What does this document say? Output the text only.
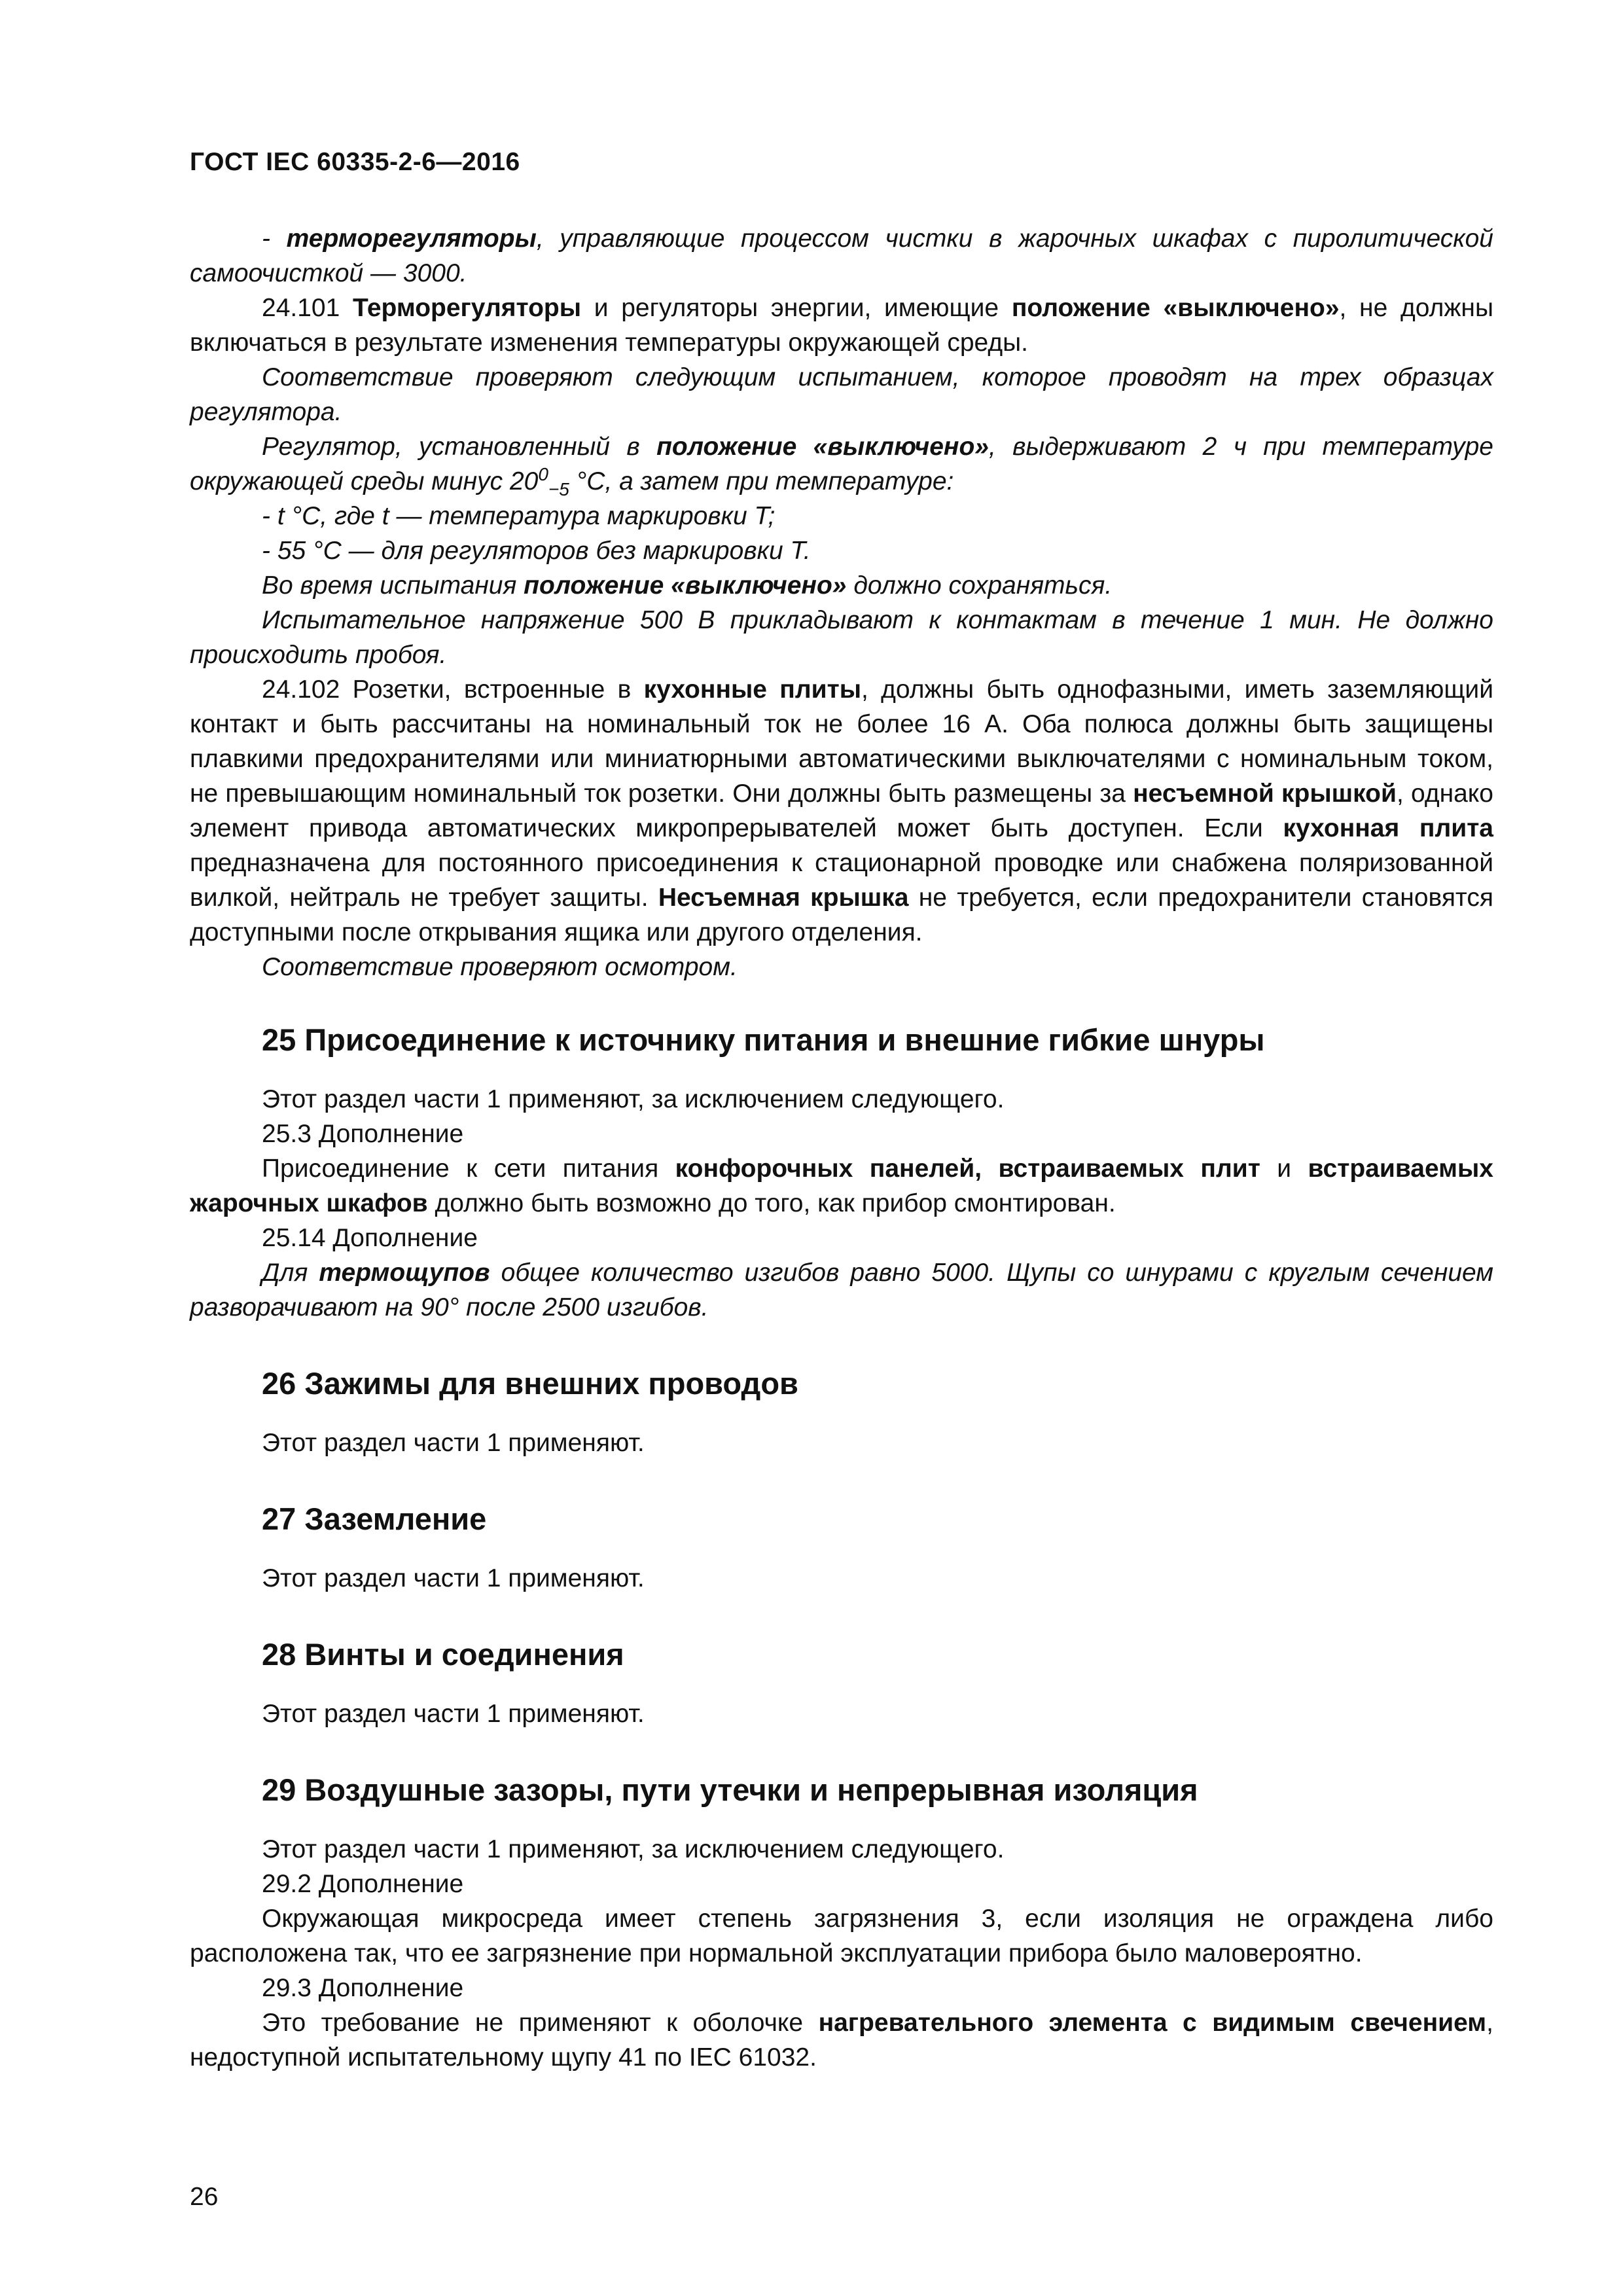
ГОСТ IEC 60335-2-6—2016

- терморегуляторы, управляющие процессом чистки в жарочных шкафах с пиролитической самоочисткой — 3000.

24.101 Терморегуляторы и регуляторы энергии, имеющие положение «выключено», не должны включаться в результате изменения температуры окружающей среды.

Соответствие проверяют следующим испытанием, которое проводят на трех образцах регулятора.

Регулятор, установленный в положение «выключено», выдерживают 2 ч при температуре окружающей среды минус $20^0_{-5}$ °С, а затем при температуре:

- t °С, где t — температура маркировки T;

- 55 °С — для регуляторов без маркировки T.

Во время испытания положение «выключено» должно сохраняться.

Испытательное напряжение 500 В прикладывают к контактам в течение 1 мин. Не должно происходить пробоя.

24.102 Розетки, встроенные в кухонные плиты, должны быть однофазными, иметь заземляющий контакт и быть рассчитаны на номинальный ток не более 16 А. Оба полюса должны быть защищены плавкими предохранителями или миниатюрными автоматическими выключателями с номинальным током, не превышающим номинальный ток розетки. Они должны быть размещены за несъемной крышкой, однако элемент привода автоматических микропрерывателей может быть доступен. Если кухонная плита предназначена для постоянного присоединения к стационарной проводке или снабжена поляризованной вилкой, нейтраль не требует защиты. Несъемная крышка не требуется, если предохранители становятся доступными после открывания ящика или другого отделения.

Соответствие проверяют осмотром.

25 Присоединение к источнику питания и внешние гибкие шнуры

Этот раздел части 1 применяют, за исключением следующего.

25.3 Дополнение

Присоединение к сети питания конфорочных панелей, встраиваемых плит и встраиваемых жарочных шкафов должно быть возможно до того, как прибор смонтирован.

25.14 Дополнение

Для термощупов общее количество изгибов равно 5000. Щупы со шнурами с круглым сечением разворачивают на 90° после 2500 изгибов.

26 Зажимы для внешних проводов

Этот раздел части 1 применяют.

27 Заземление

Этот раздел части 1 применяют.

28 Винты и соединения

Этот раздел части 1 применяют.

29 Воздушные зазоры, пути утечки и непрерывная изоляция

Этот раздел части 1 применяют, за исключением следующего.

29.2 Дополнение

Окружающая микросреда имеет степень загрязнения 3, если изоляция не ограждена либо расположена так, что ее загрязнение при нормальной эксплуатации прибора было маловероятно.

29.3 Дополнение

Это требование не применяют к оболочке нагревательного элемента с видимым свечением, недоступной испытательному щупу 41 по IEC 61032.

26
